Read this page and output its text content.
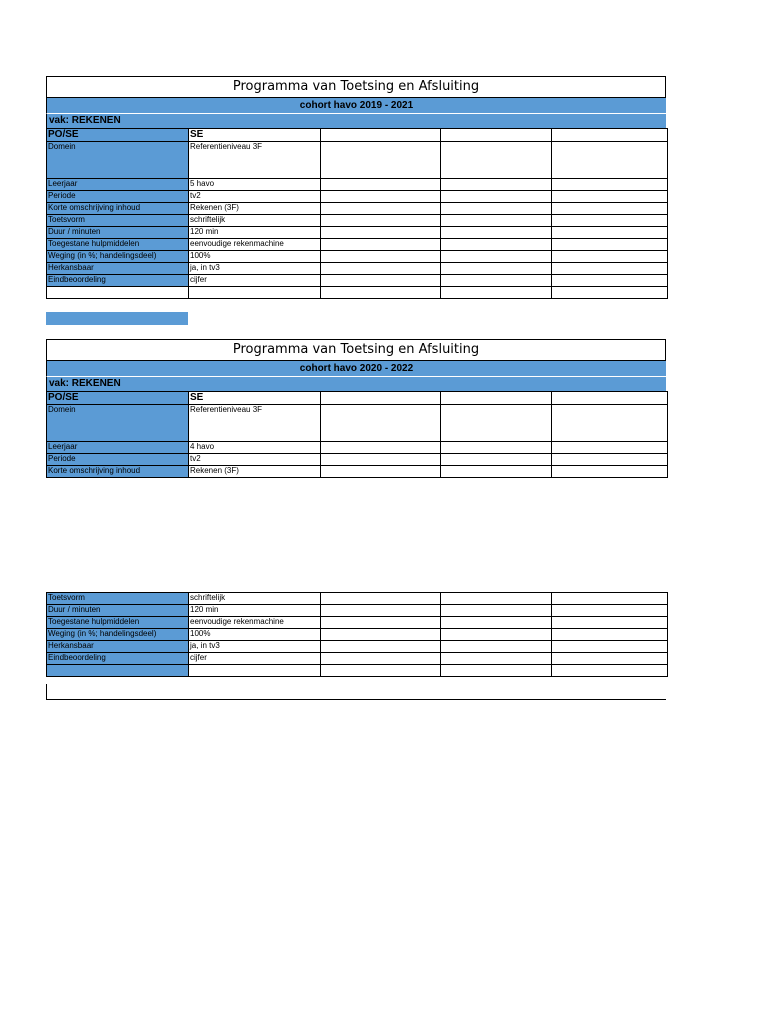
Programma van Toetsing en Afsluiting
cohort havo 2019 - 2021
vak: REKENEN
PO/SE	SE			
Domein	Referentieniveau 3F			
Leerjaar	5 havo			
Periode	tv2			
Korte omschrijving inhoud	Rekenen (3F)			
Toetsvorm	schriftelijk			
Duur / minuten	120 min			
Toegestane hulpmiddelen	eenvoudige rekenmachine			
Weging (in %; handelingsdeel)	100%			
Herkansbaar	ja, in tv3			
Eindbeoordeling	cijfer			

Programma van Toetsing en Afsluiting
cohort havo 2020 - 2022
vak: REKENEN
PO/SE	SE			
Domein	Referentieniveau 3F			
Leerjaar	4 havo			
Periode	tv2			
Korte omschrijving inhoud	Rekenen (3F)			
Toetsvorm	schriftelijk			
Duur / minuten	120 min			
Toegestane hulpmiddelen	eenvoudige rekenmachine			
Weging (in %; handelingsdeel)	100%			
Herkansbaar	ja, in tv3			
Eindbeoordeling	cijfer			
